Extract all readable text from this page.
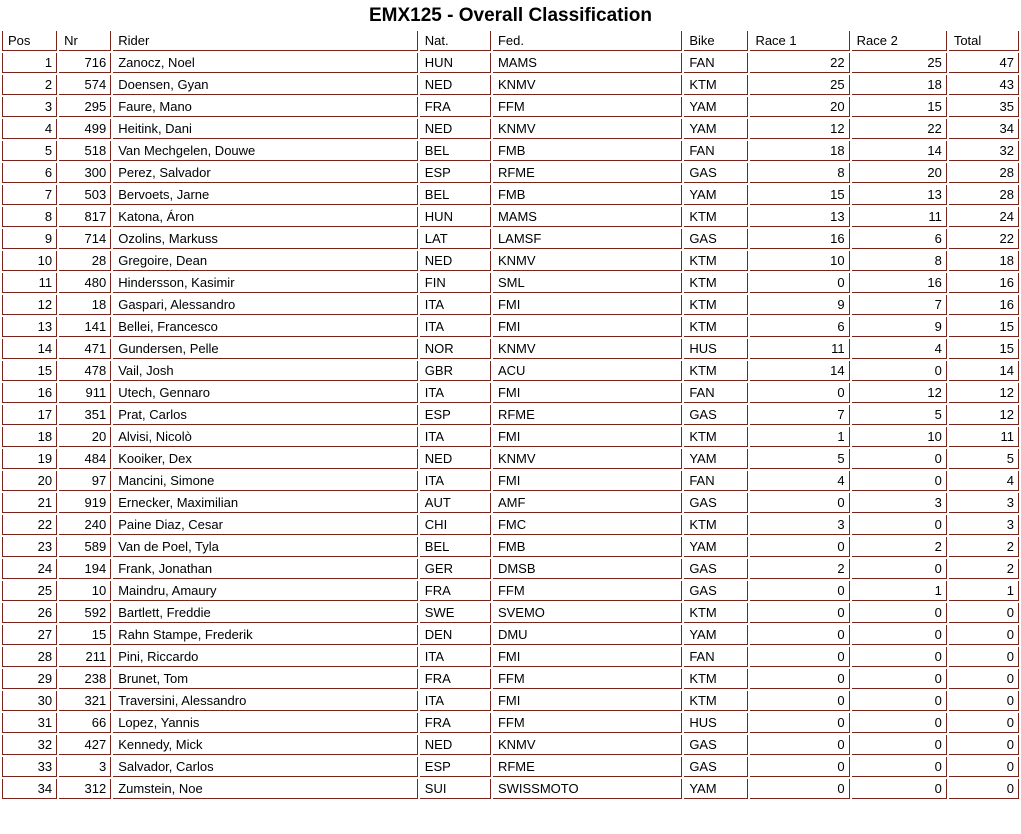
EMX125 - Overall Classification
Pos	Nr	Rider	Nat.	Fed.	Bike	Race 1	Race 2	Total
1	716	Zanocz, Noel	HUN	MAMS	FAN	22	25	47
2	574	Doensen, Gyan	NED	KNMV	KTM	25	18	43
3	295	Faure, Mano	FRA	FFM	YAM	20	15	35
4	499	Heitink, Dani	NED	KNMV	YAM	12	22	34
5	518	Van Mechgelen, Douwe	BEL	FMB	FAN	18	14	32
6	300	Perez, Salvador	ESP	RFME	GAS	8	20	28
7	503	Bervoets, Jarne	BEL	FMB	YAM	15	13	28
8	817	Katona, Áron	HUN	MAMS	KTM	13	11	24
9	714	Ozolins, Markuss	LAT	LAMSF	GAS	16	6	22
10	28	Gregoire, Dean	NED	KNMV	KTM	10	8	18
11	480	Hindersson, Kasimir	FIN	SML	KTM	0	16	16
12	18	Gaspari, Alessandro	ITA	FMI	KTM	9	7	16
13	141	Bellei, Francesco	ITA	FMI	KTM	6	9	15
14	471	Gundersen, Pelle	NOR	KNMV	HUS	11	4	15
15	478	Vail, Josh	GBR	ACU	KTM	14	0	14
16	911	Utech, Gennaro	ITA	FMI	FAN	0	12	12
17	351	Prat, Carlos	ESP	RFME	GAS	7	5	12
18	20	Alvisi, Nicolò	ITA	FMI	KTM	1	10	11
19	484	Kooiker, Dex	NED	KNMV	YAM	5	0	5
20	97	Mancini, Simone	ITA	FMI	FAN	4	0	4
21	919	Ernecker, Maximilian	AUT	AMF	GAS	0	3	3
22	240	Paine Diaz, Cesar	CHI	FMC	KTM	3	0	3
23	589	Van de Poel, Tyla	BEL	FMB	YAM	0	2	2
24	194	Frank, Jonathan	GER	DMSB	GAS	2	0	2
25	10	Maindru, Amaury	FRA	FFM	GAS	0	1	1
26	592	Bartlett, Freddie	SWE	SVEMO	KTM	0	0	0
27	15	Rahn Stampe, Frederik	DEN	DMU	YAM	0	0	0
28	211	Pini, Riccardo	ITA	FMI	FAN	0	0	0
29	238	Brunet, Tom	FRA	FFM	KTM	0	0	0
30	321	Traversini, Alessandro	ITA	FMI	KTM	0	0	0
31	66	Lopez, Yannis	FRA	FFM	HUS	0	0	0
32	427	Kennedy, Mick	NED	KNMV	GAS	0	0	0
33	3	Salvador, Carlos	ESP	RFME	GAS	0	0	0
34	312	Zumstein, Noe	SUI	SWISSMOTO	YAM	0	0	0
